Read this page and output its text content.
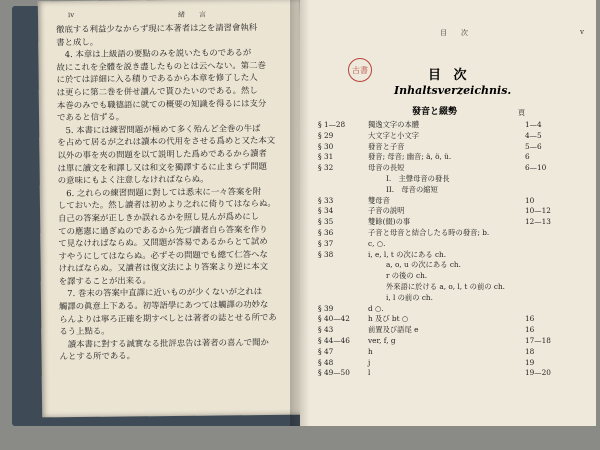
iv	緒　　言
徹底する利益少なからず現に本著者は之を請習會執科
書と成し。
　4. 本章は上級語の要點のみを説いたものであるが
故にこれを全體を説き盡したものとは云へない。第二巻
に於ては詳細に入る積りであるから本章を修了した人
は更らに第二巻を併せ讀んで貰ひたいのである。然し
本巻のみでも職德語に就ての概要の知識を得るには支分
であると信ずる。
　5. 本書には練習問題が極めて多く殆んど全巻の牛ば
を占めて居るが之れは讀本の代用をさせる爲めと又た本文
以外の事を夾の問題を以て説明した爲めであるから讀者
は單に讀文を和譯し又は和文を獨譯するに止まらず問題
の意味にもよく注意しなければならぬ。
　6. 之れらの練習問題に對しては悉末に一々答案を附
しておいた。然し讀者は初めより之れに倚りてはならぬ。
自己の答案が正しきか誤れるかを照し見んが爲めにし
ての應憲に過ぎぬのであるから先づ讀者自ら答案を作り
て見なければならぬ。又問題が答易であるからとて試め
すやうにしてはならぬ。必ずその問題でも總て仁答へな
ければならぬ。又讀者は復文法により答案より逆に本文
を譯することが出来る。
　7. 巻末の答案中直譯に近いものが少くないが之れは
觸譯の眞意上下ある。初等語學にあつては觸譯の功妙な
らんよりは寧ろ正確を期すべしとは著者の誌とせる所であ
るう上點る。
　讀本書に對する誠實なる批評忠告は著者の喜んで聞か
んとする所である。
目　　次	v
古書	目 次
Inhaltsverzeichnis.
發音と綴勢	頁
§ 1—28	獨逸文字の本體	1—4
§ 29	大文字と小文字	4—5
§ 30	發音と子音	5—6
§ 31	發音; 母音; 幽音; ä, ö, ü.	6
§ 32	母音の長短	6—10
I.　主聲母音の發長
II.　母音の縮短
§ 33	雙母音	10
§ 34	子音の説明	10—12
§ 35	雙餘(綴)の事	12—13
§ 36	子音と母音と結合したる時の發音; b.
§ 37	c, ○.
§ 38	i, e, l, t の次にある ch.
a, o, u の次にある ch.
r の後の ch.
外來語に於ける a, o, l, t の前の ch.
i, l の前の ch.
§ 39	d ○.
§ 40—42	h 及び bt ○	16
§ 43	前置及び語尾 e	16
§ 44—46	ver, f, g	17—18
§ 47	h	18
§ 48	j	19
§ 49—50	l	19—20
